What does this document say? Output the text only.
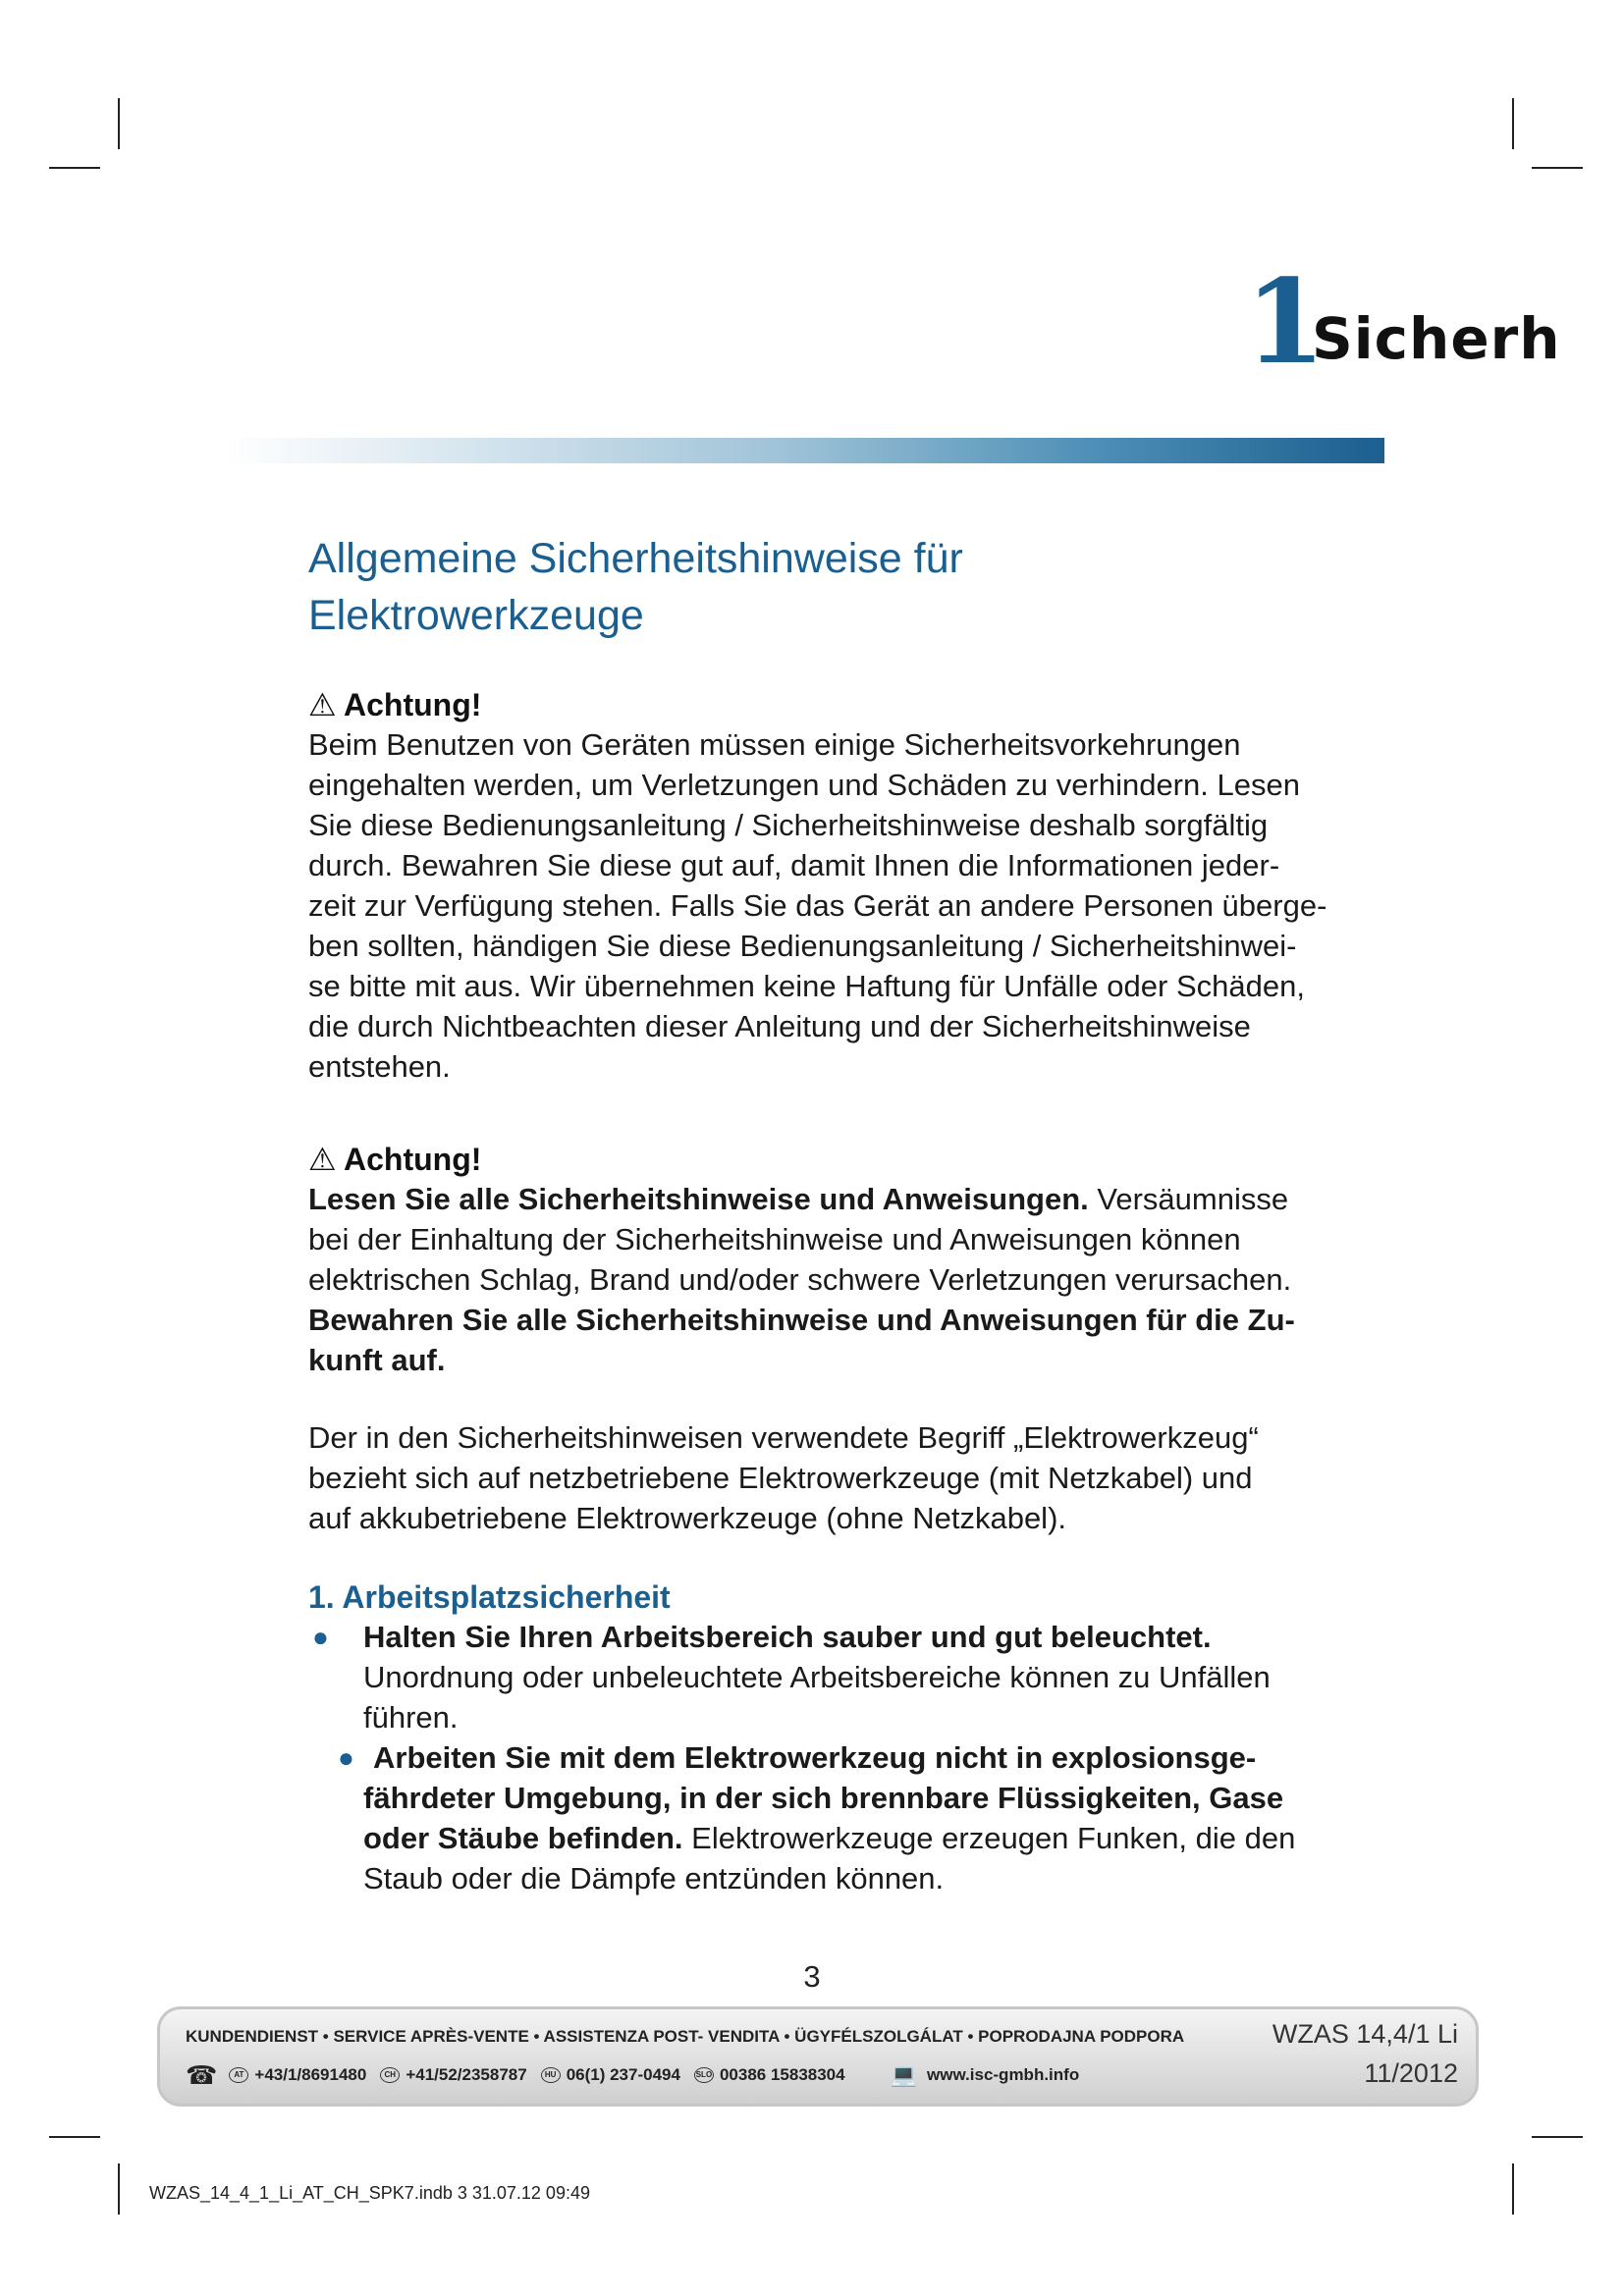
1
Sicherh
Allgemeine Sicherheitshinweise für
Elektrowerkzeuge
⚠ Achtung!
Beim Benutzen von Geräten müssen einige Sicherheitsvorkehrungen
eingehalten werden, um Verletzungen und Schäden zu verhindern. Lesen
Sie diese Bedienungsanleitung / Sicherheitshinweise deshalb sorgfältig
durch. Bewahren Sie diese gut auf, damit Ihnen die Informationen jeder-
zeit zur Verfügung stehen. Falls Sie das Gerät an andere Personen überge-
ben sollten, händigen Sie diese Bedienungsanleitung / Sicherheitshinwei-
se bitte mit aus. Wir übernehmen keine Haftung für Unfälle oder Schäden,
die durch Nichtbeachten dieser Anleitung und der Sicherheitshinweise
entstehen.
⚠ Achtung!
Lesen Sie alle Sicherheitshinweise und Anweisungen. Versäumnisse
bei der Einhaltung der Sicherheitshinweise und Anweisungen können
elektrischen Schlag, Brand und/oder schwere Verletzungen verursachen.
Bewahren Sie alle Sicherheitshinweise und Anweisungen für die Zu-
kunft auf.
Der in den Sicherheitshinweisen verwendete Begriff „Elektrowerkzeug“
bezieht sich auf netzbetriebene Elektrowerkzeuge (mit Netzkabel) und
auf akkubetriebene Elektrowerkzeuge (ohne Netzkabel).
1. Arbeitsplatzsicherheit
● Halten Sie Ihren Arbeitsbereich sauber und gut beleuchtet.
Unordnung oder unbeleuchtete Arbeitsbereiche können zu Unfällen
führen.
● Arbeiten Sie mit dem Elektrowerkzeug nicht in explosionsge-
fährdeter Umgebung, in der sich brennbare Flüssigkeiten, Gase
oder Stäube befinden. Elektrowerkzeuge erzeugen Funken, die den
Staub oder die Dämpfe entzünden können.
3
KUNDENDIENST • SERVICE APRÈS-VENTE • ASSISTENZA POST- VENDITA • ÜGYFÉLSZOLGÁLAT • POPRODAJNA PODPORA	WZAS 14,4/1 Li
11/2012
☎	AT +43/1/8691480	CH +41/52/2358787	HU 06(1) 237-0494 SLO 00386 15838304 💻 www.isc-gmbh.info
WZAS_14_4_1_Li_AT_CH_SPK7.indb 3 31.07.12 09:49
